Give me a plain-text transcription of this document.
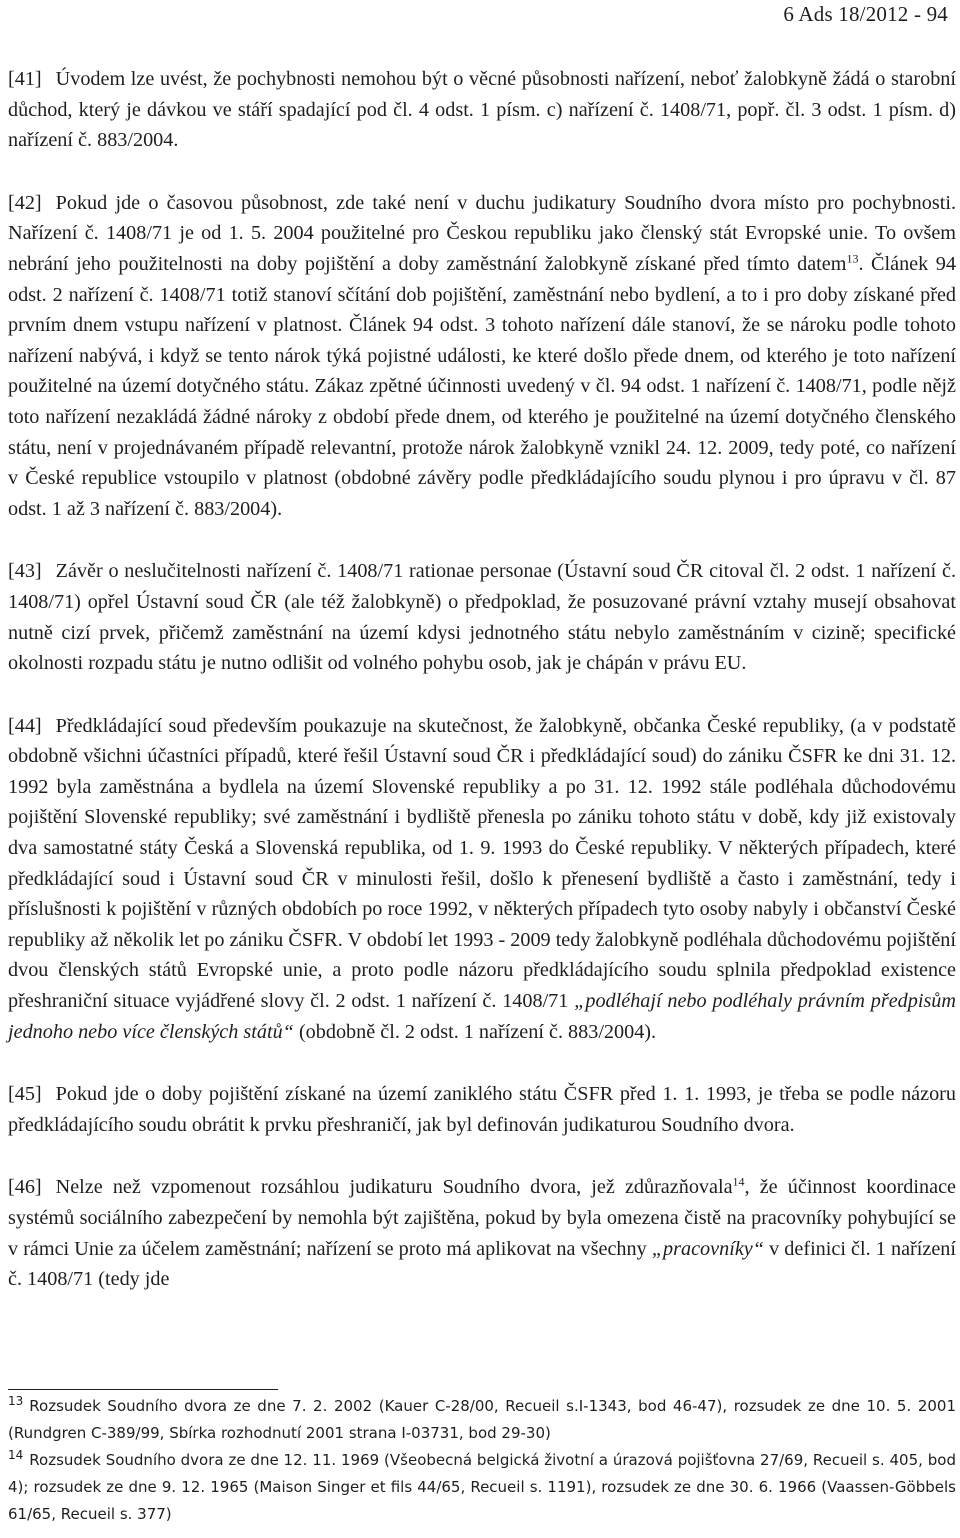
6 Ads 18/2012 - 94

[41] Úvodem lze uvést, že pochybnosti nemohou být o věcné působnosti nařízení, neboť žalobkyně žádá o starobní důchod, který je dávkou ve stáří spadající pod čl. 4 odst. 1 písm. c) nařízení č. 1408/71, popř. čl. 3 odst. 1 písm. d) nařízení č. 883/2004.

[42] Pokud jde o časovou působnost, zde také není v duchu judikatury Soudního dvora místo pro pochybnosti. Nařízení č. 1408/71 je od 1. 5. 2004 použitelné pro Českou republiku jako členský stát Evropské unie. To ovšem nebrání jeho použitelnosti na doby pojištění a doby zaměstnání žalobkyně získané před tímto datem$^{13}$. Článek 94 odst. 2 nařízení č. 1408/71 totiž stanoví sčítání dob pojištění, zaměstnání nebo bydlení, a to i pro doby získané před prvním dnem vstupu nařízení v platnost. Článek 94 odst. 3 tohoto nařízení dále stanoví, že se nároku podle tohoto nařízení nabývá, i když se tento nárok týká pojistné události, ke které došlo přede dnem, od kterého je toto nařízení použitelné na území dotyčného státu. Zákaz zpětné účinnosti uvedený v čl. 94 odst. 1 nařízení č. 1408/71, podle nějž toto nařízení nezakládá žádné nároky z období přede dnem, od kterého je použitelné na území dotyčného členského státu, není v projednávaném případě relevantní, protože nárok žalobkyně vznikl 24. 12. 2009, tedy poté, co nařízení v České republice vstoupilo v platnost (obdobné závěry podle předkládajícího soudu plynou i pro úpravu v čl. 87 odst. 1 až 3 nařízení č. 883/2004).

[43] Závěr o neslučitelnosti nařízení č. 1408/71 rationae personae (Ústavní soud ČR citoval čl. 2 odst. 1 nařízení č. 1408/71) opřel Ústavní soud ČR (ale též žalobkyně) o předpoklad, že posuzované právní vztahy musejí obsahovat nutně cizí prvek, přičemž zaměstnání na území kdysi jednotného státu nebylo zaměstnáním v cizině; specifické okolnosti rozpadu státu je nutno odlišit od volného pohybu osob, jak je chápán v právu EU.

[44] Předkládající soud především poukazuje na skutečnost, že žalobkyně, občanka České republiky, (a v podstatě obdobně všichni účastníci případů, které řešil Ústavní soud ČR i předkládající soud) do zániku ČSFR ke dni 31. 12. 1992 byla zaměstnána a bydlela na území Slovenské republiky a po 31. 12. 1992 stále podléhala důchodovému pojištění Slovenské republiky; své zaměstnání i bydliště přenesla po zániku tohoto státu v době, kdy již existovaly dva samostatné státy Česká a Slovenská republika, od 1. 9. 1993 do České republiky. V některých případech, které předkládající soud i Ústavní soud ČR v minulosti řešil, došlo k přenesení bydliště a často i zaměstnání, tedy i příslušnosti k pojištění v různých obdobích po roce 1992, v některých případech tyto osoby nabyly i občanství České republiky až několik let po zániku ČSFR. V období let 1993 - 2009 tedy žalobkyně podléhala důchodovému pojištění dvou členských států Evropské unie, a proto podle názoru předkládajícího soudu splnila předpoklad existence přeshraniční situace vyjádřené slovy čl. 2 odst. 1 nařízení č. 1408/71 „podléhají nebo podléhaly právním předpisům jednoho nebo více členských států“ (obdobně čl. 2 odst. 1 nařízení č. 883/2004).

[45] Pokud jde o doby pojištění získané na území zaniklého státu ČSFR před 1. 1. 1993, je třeba se podle názoru předkládajícího soudu obrátit k prvku přeshraničí, jak byl definován judikaturou Soudního dvora.

[46] Nelze než vzpomenout rozsáhlou judikaturu Soudního dvora, jež zdůrazňovala$^{14}$, že účinnost koordinace systémů sociálního zabezpečení by nemohla být zajištěna, pokud by byla omezena čistě na pracovníky pohybující se v rámci Unie za účelem zaměstnání; nařízení se proto má aplikovat na všechny „pracovníky“ v definici čl. 1 nařízení č. 1408/71 (tedy jde

$^{13}$ Rozsudek Soudního dvora ze dne 7. 2. 2002 (Kauer C-28/00, Recueil s.I-1343, bod 46-47), rozsudek ze dne 10. 5. 2001 (Rundgren C-389/99, Sbírka rozhodnutí 2001 strana I-03731, bod 29-30)

$^{14}$ Rozsudek Soudního dvora ze dne 12. 11. 1969 (Všeobecná belgická životní a úrazová pojišťovna 27/69, Recueil s. 405, bod 4); rozsudek ze dne 9. 12. 1965 (Maison Singer et fils 44/65, Recueil s. 1191), rozsudek ze dne 30. 6. 1966 (Vaassen-Göbbels 61/65, Recueil s. 377)
